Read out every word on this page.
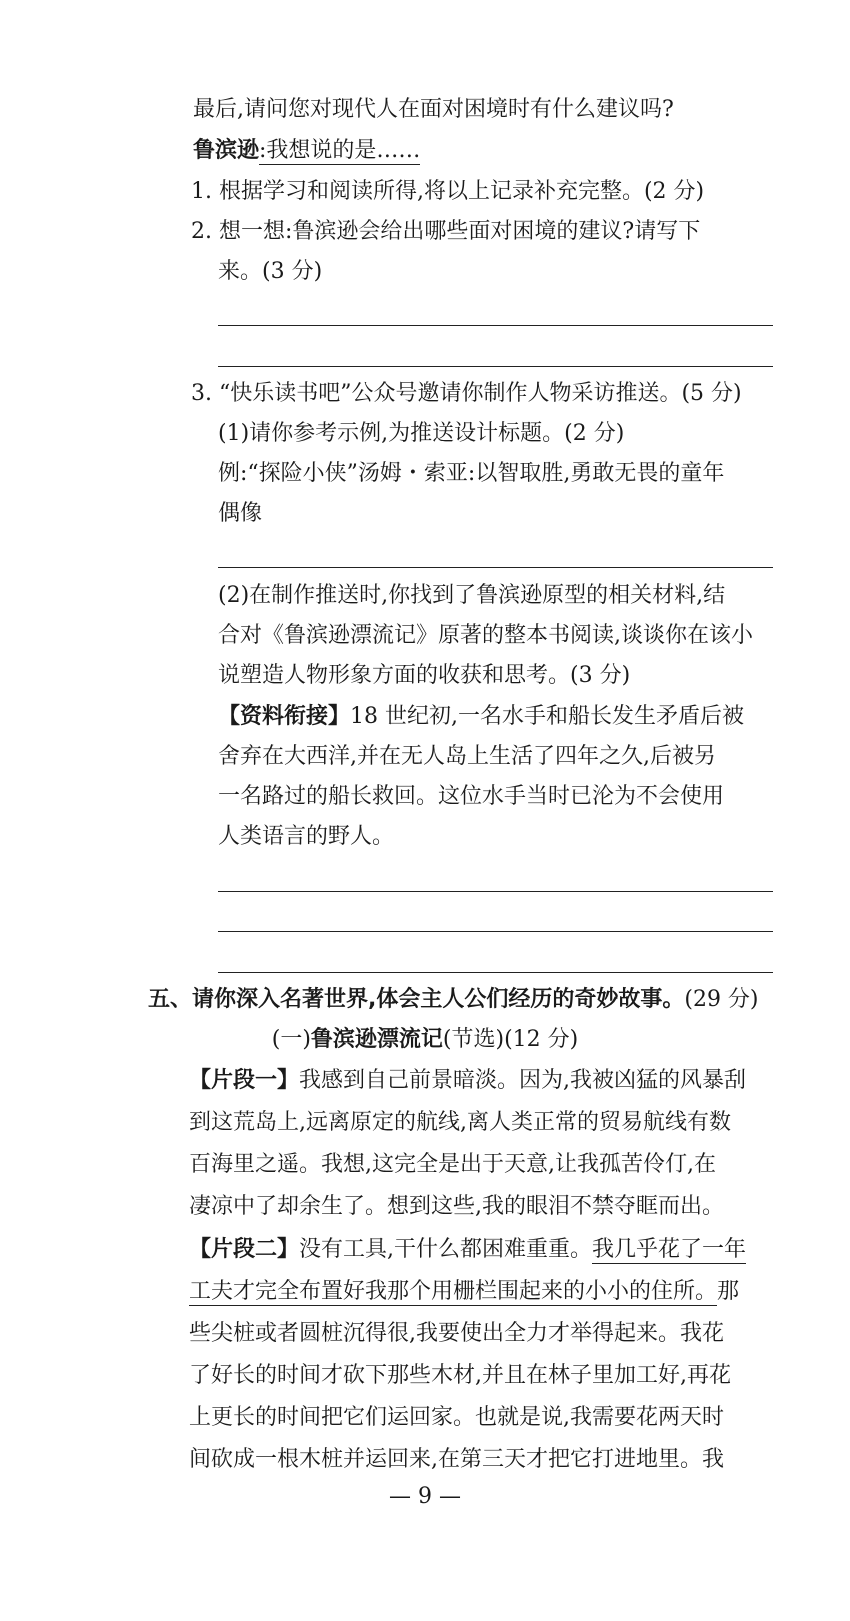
最后,请问您对现代人在面对困境时有什么建议吗?
鲁滨逊:我想说的是……
1. 根据学习和阅读所得,将以上记录补充完整。(2 分)
2. 想一想:鲁滨逊会给出哪些面对困境的建议?请写下
来。(3 分)
3. “快乐读书吧”公众号邀请你制作人物采访推送。(5 分)
(1)请你参考示例,为推送设计标题。(2 分)
例:“探险小侠”汤姆・索亚:以智取胜,勇敢无畏的童年
偶像
(2)在制作推送时,你找到了鲁滨逊原型的相关材料,结
合对《鲁滨逊漂流记》原著的整本书阅读,谈谈你在该小
说塑造人物形象方面的收获和思考。(3 分)
【资料衔接】18 世纪初,一名水手和船长发生矛盾后被
舍弃在大西洋,并在无人岛上生活了四年之久,后被另
一名路过的船长救回。这位水手当时已沦为不会使用
人类语言的野人。
五、请你深入名著世界,体会主人公们经历的奇妙故事。(29 分)
(一)鲁滨逊漂流记(节选)(12 分)
【片段一】我感到自己前景暗淡。因为,我被凶猛的风暴刮
到这荒岛上,远离原定的航线,离人类正常的贸易航线有数
百海里之遥。我想,这完全是出于天意,让我孤苦伶仃,在
凄凉中了却余生了。想到这些,我的眼泪不禁夺眶而出。
【片段二】没有工具,干什么都困难重重。我几乎花了一年
工夫才完全布置好我那个用栅栏围起来的小小的住所。那
些尖桩或者圆桩沉得很,我要使出全力才举得起来。我花
了好长的时间才砍下那些木材,并且在林子里加工好,再花
上更长的时间把它们运回家。也就是说,我需要花两天时
间砍成一根木桩并运回来,在第三天才把它打进地里。我
— 9 —
